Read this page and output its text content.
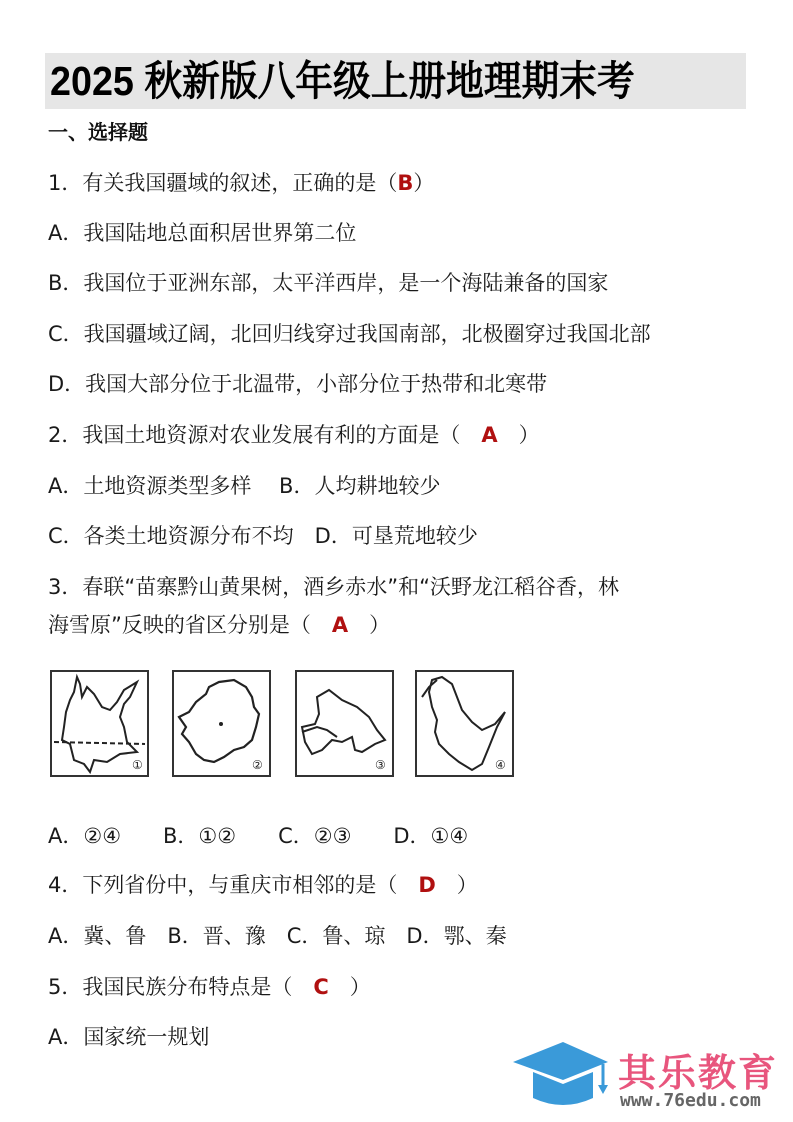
2025 秋新版八年级上册地理期末考
一、选择题
1．有关我国疆域的叙述，正确的是（B）
A．我国陆地总面积居世界第二位
B．我国位于亚洲东部，太平洋西岸，是一个海陆兼备的国家
C．我国疆域辽阔，北回归线穿过我国南部，北极圈穿过我国北部
D．我国大部分位于北温带，小部分位于热带和北寒带
2．我国土地资源对农业发展有利的方面是（　A　）
A．土地资源类型多样　 B．人均耕地较少
C．各类土地资源分布不均　D．可垦荒地较少
3．春联“苗寨黔山黄果树，酒乡赤水”和“沃野龙江稻谷香，林
海雪原”反映的省区分别是（　A　）
①	②	③	④
A．②④　　B．①②　　C．②③　　D．①④
4．下列省份中，与重庆市相邻的是（　D　）
A．冀、鲁　B．晋、豫　C．鲁、琼　D．鄂、秦
5．我国民族分布特点是（　C　）
A．国家统一规划
其乐教育
www.76edu.com
